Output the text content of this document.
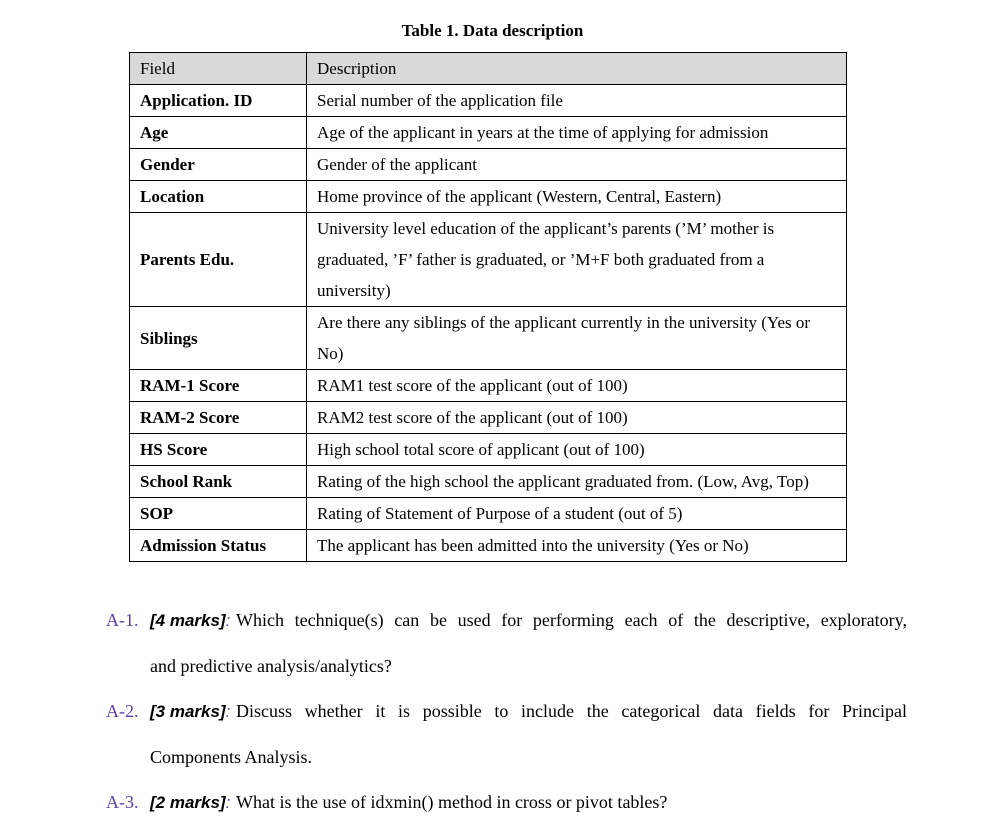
Table 1. Data description
Field	Description
Application. ID	Serial number of the application file
Age	Age of the applicant in years at the time of applying for admission
Gender	Gender of the applicant
Location	Home province of the applicant (Western, Central, Eastern)
Parents Edu.	University level education of the applicant’s parents (’M’ mother is graduated, ’F’ father is graduated, or ’M+F both graduated from a university)
Siblings	Are there any siblings of the applicant currently in the university (Yes or No)
RAM-1 Score	RAM1 test score of the applicant (out of 100)
RAM-2 Score	RAM2 test score of the applicant (out of 100)
HS Score	High school total score of applicant (out of 100)
School Rank	Rating of the high school the applicant graduated from. (Low, Avg, Top)
SOP	Rating of Statement of Purpose of a student (out of 5)
Admission Status	The applicant has been admitted into the university (Yes or No)
A-1. [4 marks]: Which technique(s) can be used for performing each of the descriptive, exploratory,
and predictive analysis/analytics?
A-2. [3 marks]: Discuss whether it is possible to include the categorical data fields for Principal
Components Analysis.
A-3. [2 marks]: What is the use of idxmin() method in cross or pivot tables?
